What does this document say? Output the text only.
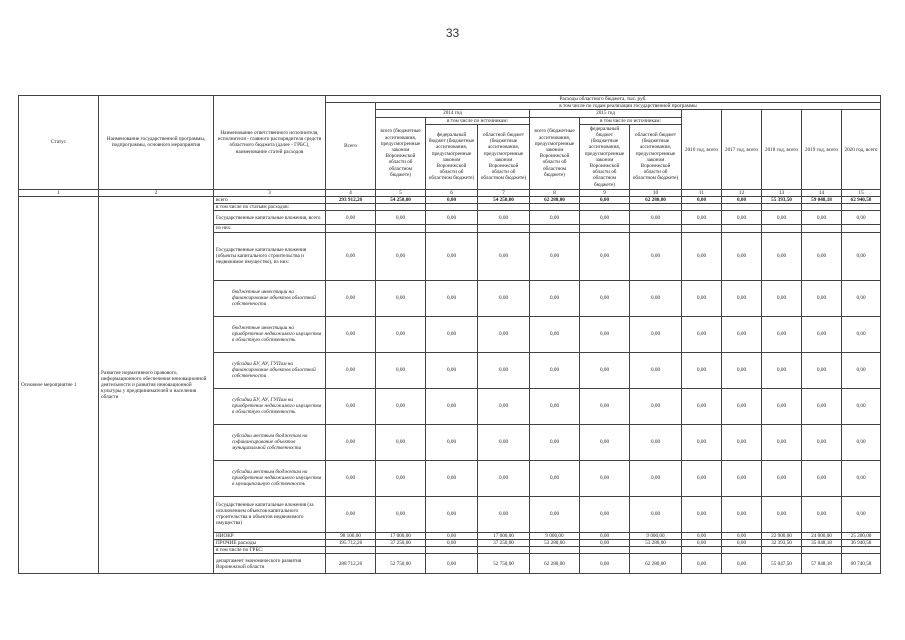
33
Статус	Наименование государственной программы, подпрограммы, основного мероприятия	Наименование ответственного исполнителя, исполнителя - главного распорядителя средств областного бюджета (далее - ГРБС), наименование статей расходов	Расходы областного бюджета, тыс. руб.											
			Всего	в том числе по годам реализации государственной программы										
				2014 год			2015 год			2016 год, всего	2017 год, всего	2018 год, всего	2019 год, всего	2020 год, всего
				всего (бюджетные ассигнования, предусмотренные законом Воронежской области об областном бюджете)	в том числе по источникам:		всего (бюджетные ассигнования, предусмотренные законом Воронежской области об областном бюджете)	в том числе по источникам:						
					федеральный бюджет (бюджетные ассигнования, предусмотренные законом Воронежской области об областном бюджете)	областной бюджет (бюджетные ассигнования, предусмотренные законом Воронежской области об областном бюджете)		федеральный бюджет (бюджетные ассигнования, предусмотренные законом Воронежской области об областном бюджете)	областной бюджет (бюджетные ассигнования, предусмотренные законом Воронежской области об областном бюджете)					
1	2	3	4	5	6	7	8	9	10	11	12	13	14	15
Основное мероприятие 1	Развитие нормативного правового, информационного обеспечения инновационной деятельности и развития инновационной культуры у предпринимателей и населения области	всего	293 912,26	54 250,00	0,00	54 250,00	62 280,00	0,00	62 280,00	0,00	0,00	55 393,50	59 048,18	62 940,58
		в том числе по статьям расходов:												
		Государственные капитальные вложения, всего	0,00	0,00	0,00	0,00	0,00	0,00	0,00	0,00	0,00	0,00	0,00	0,00
		из них:												
		Государственные капитальные вложения (объекты капитального строительства и недвижимое имущество), из них:	0,00	0,00	0,00	0,00	0,00	0,00	0,00	0,00	0,00	0,00	0,00	0,00
		бюджетные инвестиции на финансирование объектов областной собственности	0,00	0,00	0,00	0,00	0,00	0,00	0,00	0,00	0,00	0,00	0,00	0,00
		бюджетные инвестиции на приобретение недвижимого имущества в областную собственность	0,00	0,00	0,00	0,00	0,00	0,00	0,00	0,00	0,00	0,00	0,00	0,00
		субсидии БУ, АУ, ГУПам на финансирование объектов областной собственности	0,00	0,00	0,00	0,00	0,00	0,00	0,00	0,00	0,00	0,00	0,00	0,00
		субсидии БУ, АУ, ГУПам на приобретение недвижимого имущества в областную собственность	0,00	0,00	0,00	0,00	0,00	0,00	0,00	0,00	0,00	0,00	0,00	0,00
		субсидии местным бюджетам на софинансирование объектов муниципальной собственности	0,00	0,00	0,00	0,00	0,00	0,00	0,00	0,00	0,00	0,00	0,00	0,00
		субсидии местным бюджетам на приобретение недвижимого имущества в муниципальную собственность	0,00	0,00	0,00	0,00	0,00	0,00	0,00	0,00	0,00	0,00	0,00	0,00
		Государственные капитальные вложения (за исключением объектов капитального строительства и объектов недвижимого имущества)	0,00	0,00	0,00	0,00	0,00	0,00	0,00	0,00	0,00	0,00	0,00	0,00
		НИОКР	98 100,00	17 000,00	0,00	17 000,00	9 000,00	0,00	9 000,00	0,00	0,00	22 900,00	24 000,00	25 200,00
		ПРОЧИЕ расходы	195 712,26	37 250,00	0,00	37 250,00	53 280,00	0,00	53 280,00	0,00	0,00	32 393,50	35 048,18	36 940,58
		в том числе по ГРБС:												
		департамент экономического развития Воронежской области	288 712,26	52 750,00	0,00	52 750,00	62 280,00	0,00	62 280,00	0,00	0,00	55 047,50	57 848,18	60 740,58
